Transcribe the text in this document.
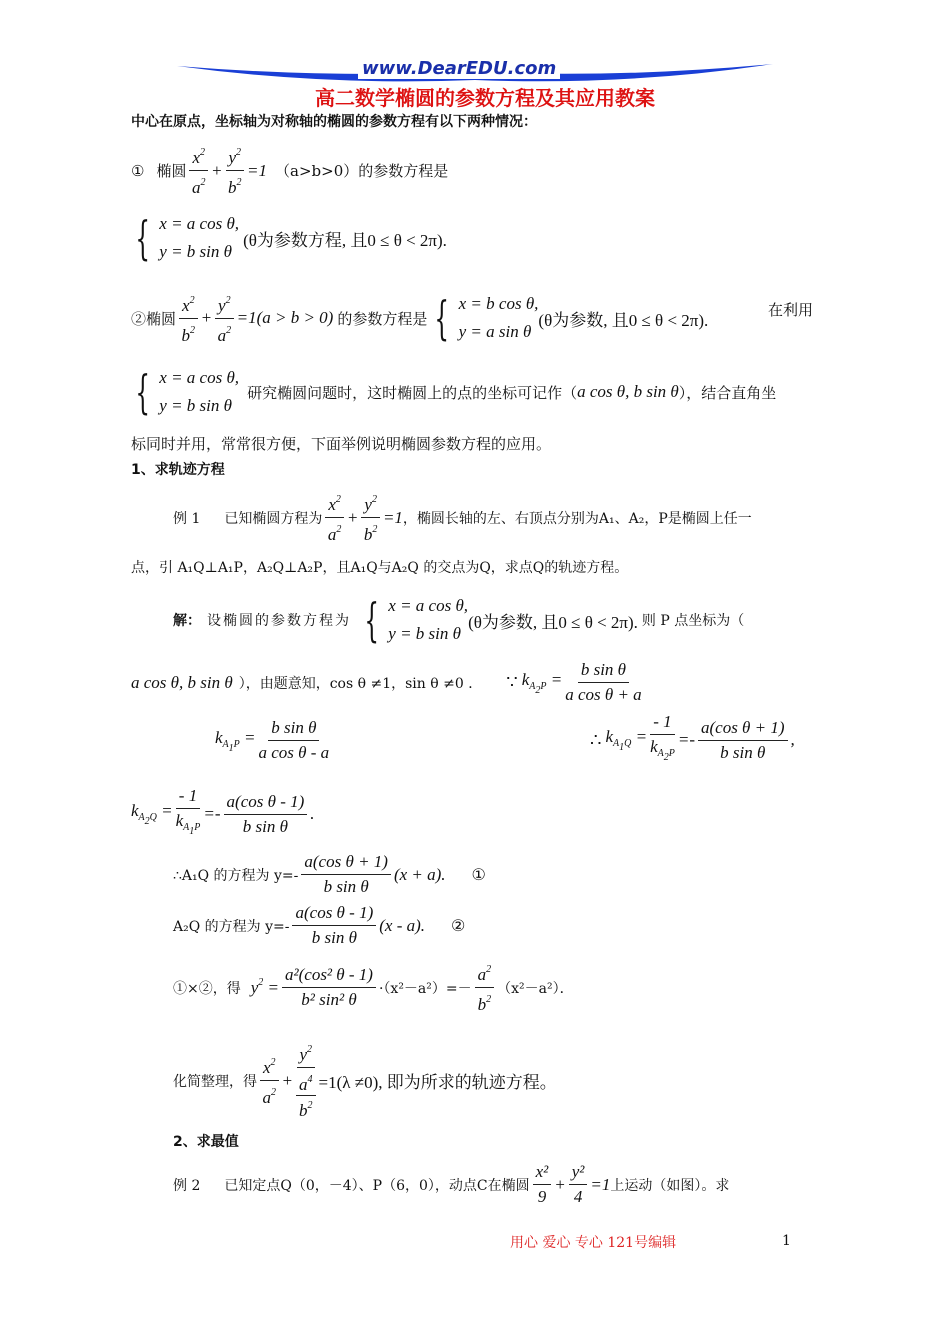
www.DearEDU.com
高二数学椭圆的参数方程及其应用教案
中心在原点，坐标轴为对称轴的椭圆的参数方程有以下两种情况：
① 椭圆 $\frac{x^2}{a^2} + \frac{y^2}{b^2} =1$ （a>b>0）的参数方程是
{ x = a cos θ,
y = b sin θ
(θ为参数方程, 且0 ≤ θ < 2π).
②椭圆 $\frac{x^2}{b^2} + \frac{y^2}{a^2} =1(a > b > 0)$ 的参数方程是 { x = b cos θ,
y = a sin θ
(θ为参数, 且0 ≤ θ < 2π).
在利用
{ x = a cos θ,
y = b sin θ
研究椭圆问题时，这时椭圆上的点的坐标可记作（ a cos θ, b sin θ ），结合直角坐
标同时并用，常常很方便，下面举例说明椭圆参数方程的应用。
1、求轨迹方程
例 1 已知椭圆方程为 $\frac{x^2}{a^2} + \frac{y^2}{b^2} =1$ ，椭圆长轴的左、右顶点分别为A₁、A₂，P是椭圆上任一
点，引 A₁Q⊥A₁P，A₂Q⊥A₂P，且A₁Q与A₂Q 的交点为Q，求点Q的轨迹方程。
解： 设椭圆的参数方程为 { x = a cos θ,
y = b sin θ
(θ为参数, 且0 ≤ θ < 2π). 则 P 点坐标为（
a cos θ, b sin θ ），由题意知，cos θ ≠1，sin θ ≠0 ． ∵ $k_{A_2P} = \frac{\text{b sin θ}}{\text{a cos θ + a}}$
$k_{A_1P} = \frac{\text{b sin θ}}{\text{a cos θ - a}}$	∴ $k_{A_1Q} = \frac{- 1}{k_{A_2P}} =- \frac{\text{a(cos θ + 1)}}{\text{b sin θ}}$ ,
$k_{A_2Q} = \frac{- 1}{k_{A_1P}} =- \frac{\text{a(cos θ - 1)}}{\text{b sin θ}}$ .
∴A₁Q 的方程为 $y=- \frac{\text{a(cos θ + 1)}}{\text{b sin θ}} (x + a)$. ①
A₂Q 的方程为 $y=- \frac{\text{a(cos θ - 1)}}{\text{b sin θ}} (x - a)$. ②
①×②，得 $y^2 = \frac{\text{a²(cos² θ - 1)}}{\text{b² sin² θ}} \cdot(x^2-a^2)=- \frac{a^2}{b^2} (x^2-a^2)$．
化简整理，得 $\frac{x^2}{a^2} + y^2$
$a^4$
$b^2 =1(\lambda \ne 0)$, 即为所求的轨迹方程。
2、求最值
例 2 已知定点Q（0，－4）、P（6，0），动点C在椭圆 $\frac{\text{x²}}{9} + \frac{\text{y²}}{4} =1$ 上运动（如图）。求
用心 爱心 专心 121号编辑	1
